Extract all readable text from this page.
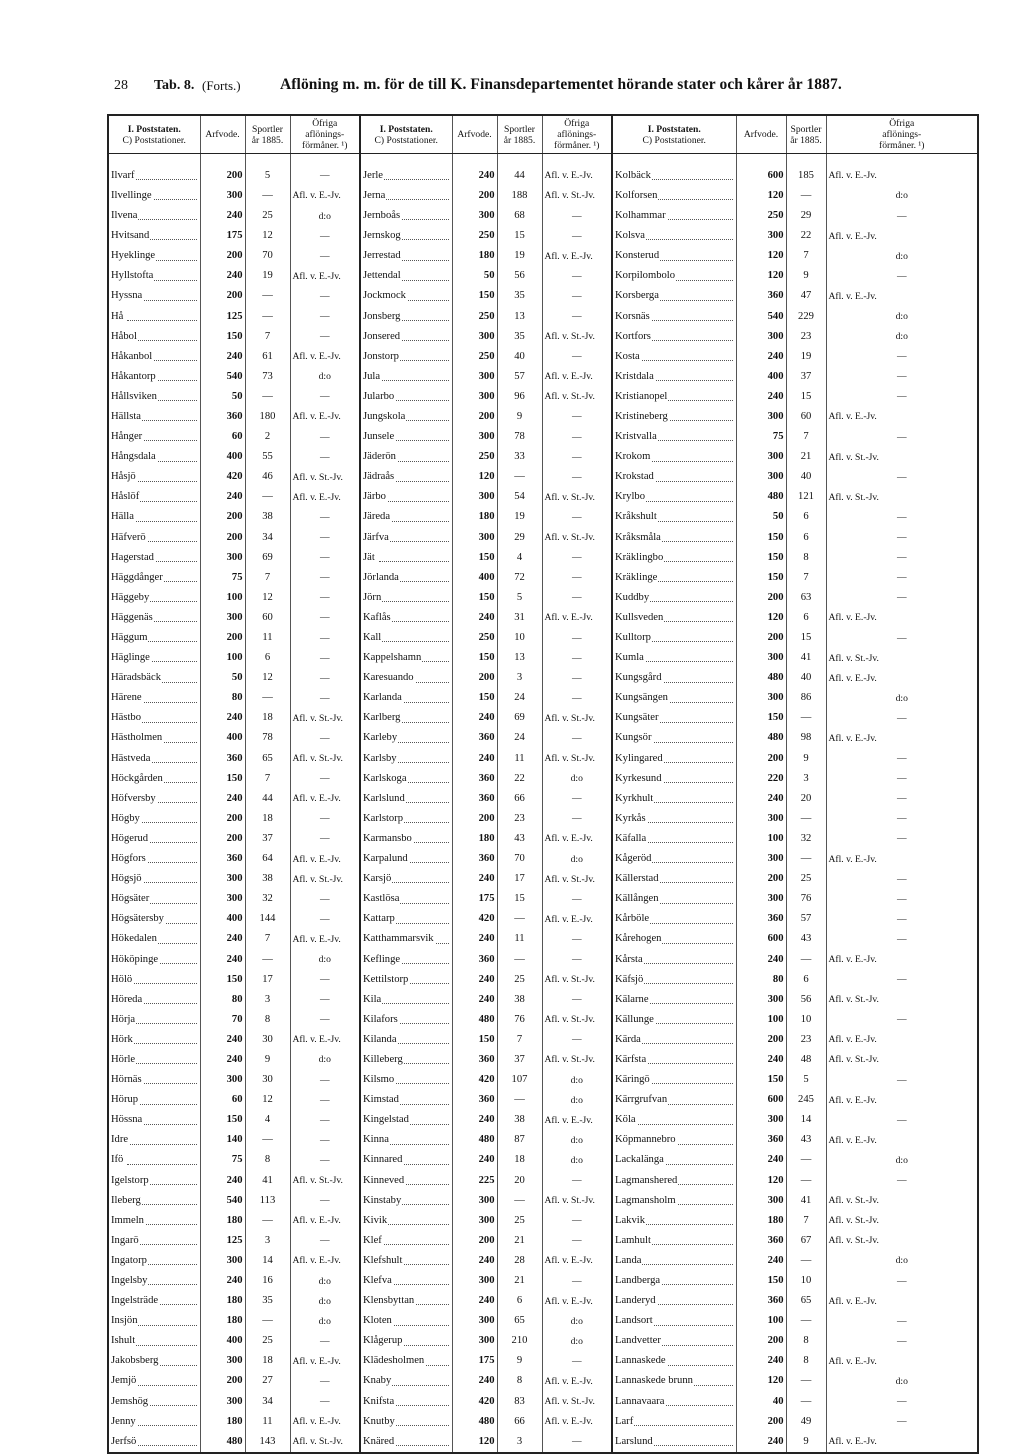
28 Tab. 8. (Forts.)	Aflöning m. m. för de till K. Finansdepartementet hörande stater och kårer år 1887.
I. Poststaten.
C) Poststationer.	Arfvode.	Sportler
år 1885.	Öfriga
aflönings-
förmåner. ¹)	I. Poststaten.
C) Poststationer.	Arfvode.	Sportler
år 1885.	Öfriga
aflönings-
förmåner. ¹)	I. Poststaten.
C) Poststationer.	Arfvode.	Sportler
år 1885.	Öfriga
aflönings-
förmåner. ¹)

Ilvarf	200	5	—	Jerle	240	44	Afl. v. E.-Jv.	Kolbäck	600	185	Afl. v. E.-Jv.
Ilvellinge	300	—	Afl. v. E.-Jv.	Jerna	200	188	Afl. v. St.-Jv.	Kolforsen	120	—	d:o
Ilvena	240	25	d:o	Jernboås	300	68	—	Kolhammar	250	29	—
Hvitsand	175	12	—	Jernskog	250	15	—	Kolsva	300	22	Afl. v. E.-Jv.
Hyeklinge	200	70	—	Jerrestad	180	19	Afl. v. E.-Jv.	Konsterud	120	7	d:o
Hyllstofta	240	19	Afl. v. E.-Jv.	Jettendal	50	56	—	Korpilombolo	120	9	—
Hyssna	200	—	—	Jockmock	150	35	—	Korsberga	360	47	Afl. v. E.-Jv.
Hå	125	—	—	Jonsberg	250	13	—	Korsnäs	540	229	d:o
Håbol	150	7	—	Jonsered	300	35	Afl. v. St.-Jv.	Kortfors	300	23	d:o
Håkanbol	240	61	Afl. v. E.-Jv.	Jonstorp	250	40	—	Kosta	240	19	—
Håkantorp	540	73	d:o	Jula	300	57	Afl. v. E.-Jv.	Kristdala	400	37	—
Hållsviken	50	—	—	Jularbo	300	96	Afl. v. St.-Jv.	Kristianopel	240	15	—
Hällsta	360	180	Afl. v. E.-Jv.	Jungskola	200	9	—	Kristineberg	300	60	Afl. v. E.-Jv.
Hånger	60	2	—	Junsele	300	78	—	Kristvalla	75	7	—
Hångsdala	400	55	—	Jäderön	250	33	—	Krokom	300	21	Afl. v. St.-Jv.
Håsjö	420	46	Afl. v. St.-Jv.	Jädraås	120	—	—	Krokstad	300	40	—
Håslöf	240	—	Afl. v. E.-Jv.	Järbo	300	54	Afl. v. St.-Jv.	Krylbo	480	121	Afl. v. St.-Jv.
Hälla	200	38	—	Järeda	180	19	—	Kråkshult	50	6	—
Häfverö	200	34	—	Järfva	300	29	Afl. v. St.-Jv.	Kråksmåla	150	6	—
Hagerstad	300	69	—	Jät	150	4	—	Kräklingbo	150	8	—
Häggdånger	75	7	—	Jörlanda	400	72	—	Kräklinge	150	7	—
Häggeby	100	12	—	Jörn	150	5	—	Kuddby	200	63	—
Häggenäs	300	60	—	Kaflås	240	31	Afl. v. E.-Jv.	Kullsveden	120	6	Afl. v. E.-Jv.
Häggum	200	11	—	Kall	250	10	—	Kulltorp	200	15	—
Häglinge	100	6	—	Kappelshamn	150	13	—	Kumla	300	41	Afl. v. St.-Jv.
Häradsbäck	50	12	—	Karesuando	200	3	—	Kungsgård	480	40	Afl. v. E.-Jv.
Härene	80	—	—	Karlanda	150	24	—	Kungsängen	300	86	d:o
Hästbo	240	18	Afl. v. St.-Jv.	Karlberg	240	69	Afl. v. St.-Jv.	Kungsäter	150	—	—
Hästholmen	400	78	—	Karleby	360	24	—	Kungsör	480	98	Afl. v. E.-Jv.
Hästveda	360	65	Afl. v. St.-Jv.	Karlsby	240	11	Afl. v. St.-Jv.	Kylingared	200	9	—
Höckgården	150	7	—	Karlskoga	360	22	d:o	Kyrkesund	220	3	—
Höfversby	240	44	Afl. v. E.-Jv.	Karlslund	360	66	—	Kyrkhult	240	20	—
Högby	200	18	—	Karlstorp	200	23	—	Kyrkås	300	—	—
Högerud	200	37	—	Karmansbo	180	43	Afl. v. E.-Jv.	Käfalla	100	32	—
Högfors	360	64	Afl. v. E.-Jv.	Karpalund	360	70	d:o	Kågeröd	300	—	Afl. v. E.-Jv.
Högsjö	300	38	Afl. v. St.-Jv.	Karsjö	240	17	Afl. v. St.-Jv.	Källerstad	200	25	—
Högsäter	300	32	—	Kastlösa	175	15	—	Källången	300	76	—
Högsätersby	400	144	—	Kattarp	420	—	Afl. v. E.-Jv.	Kårböle	360	57	—
Hökedalen	240	7	Afl. v. E.-Jv.	Katthammarsvik	240	11	—	Kårehogen	600	43	—
Hököpinge	240	—	d:o	Keflinge	360	—	—	Kårsta	240	—	Afl. v. E.-Jv.
Hölö	150	17	—	Kettilstorp	240	25	Afl. v. St.-Jv.	Käfsjö	80	6	—
Höreda	80	3	—	Kila	240	38	—	Kälarne	300	56	Afl. v. St.-Jv.
Hörja	70	8	—	Kilafors	480	76	Afl. v. St.-Jv.	Källunge	100	10	—
Hörk	240	30	Afl. v. E.-Jv.	Kilanda	150	7	—	Kärda	200	23	Afl. v. E.-Jv.
Hörle	240	9	d:o	Killeberg	360	37	Afl. v. St.-Jv.	Kärfsta	240	48	Afl. v. St.-Jv.
Hörnäs	300	30	—	Kilsmo	420	107	d:o	Käringö	150	5	—
Hörup	60	12	—	Kimstad	360	—	d:o	Kärrgrufvan	600	245	Afl. v. E.-Jv.
Hössna	150	4	—	Kingelstad	240	38	Afl. v. E.-Jv.	Köla	300	14	—
Idre	140	—	—	Kinna	480	87	d:o	Köpmannebro	360	43	Afl. v. E.-Jv.
Ifö	75	8	—	Kinnared	240	18	d:o	Lackalänga	240	—	d:o
Igelstorp	240	41	Afl. v. St.-Jv.	Kinneved	225	20	—	Lagmanshered	120	—	—
Ileberg	540	113	—	Kinstaby	300	—	Afl. v. St.-Jv.	Lagmansholm	300	41	Afl. v. St.-Jv.
Immeln	180	—	Afl. v. E.-Jv.	Kivik	300	25	—	Lakvik	180	7	Afl. v. St.-Jv.
Ingarö	125	3	—	Klef	200	21	—	Lamhult	360	67	Afl. v. St.-Jv.
Ingatorp	300	14	Afl. v. E.-Jv.	Klefshult	240	28	Afl. v. E.-Jv.	Landa	240	—	d:o
Ingelsby	240	16	d:o	Klefva	300	21	—	Landberga	150	10	—
Ingelsträde	180	35	d:o	Klensbyttan	240	6	Afl. v. E.-Jv.	Landeryd	360	65	Afl. v. E.-Jv.
Insjön	180	—	d:o	Kloten	300	65	d:o	Landsort	100	—	—
Ishult	400	25	—	Klågerup	300	210	d:o	Landvetter	200	8	—
Jakobsberg	300	18	Afl. v. E.-Jv.	Klädesholmen	175	9	—	Lannaskede	240	8	Afl. v. E.-Jv.
Jemjö	200	27	—	Knaby	240	8	Afl. v. E.-Jv.	Lannaskede brunn	120	—	d:o
Jemshög	300	34	—	Knifsta	420	83	Afl. v. St.-Jv.	Lannavaara	40	—	—
Jenny	180	11	Afl. v. E.-Jv.	Knutby	480	66	Afl. v. E.-Jv.	Larf	200	49	—
Jerfsö	480	143	Afl. v. St.-Jv.	Knäred	120	3	—	Larslund	240	9	Afl. v. E.-Jv.
